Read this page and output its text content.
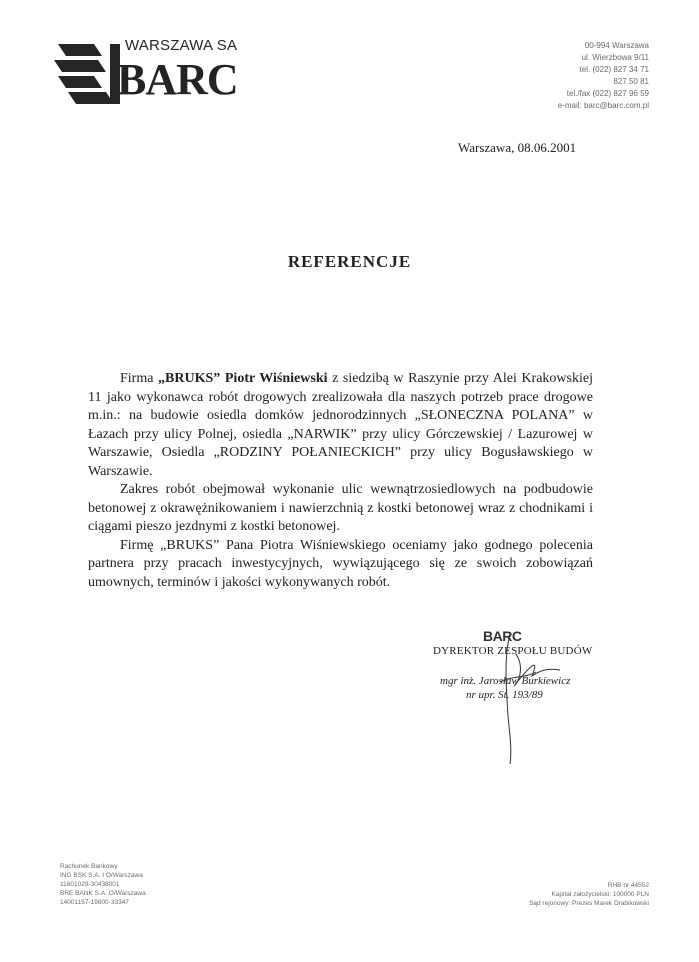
WARSZAWA SA
BARC
00-994 Warszawa
ul. Wierzbowa 9/11
tel. (022) 827 34 71
827 50 81
tel./fax (022) 827 96 59
e-mail: barc@barc.com.pl
Warszawa, 08.06.2001
REFERENCJE

Firma „BRUKS” Piotr Wiśniewski z siedzibą w Raszynie przy Alei Krakowskiej 11 jako wykonawca robót drogowych zrealizowała dla naszych potrzeb prace drogowe m.in.: na budowie osiedla domków jednorodzinnych „SŁONECZNA POLANA” w Łazach przy ulicy Polnej, osiedla „NARWIK” przy ulicy Górczewskiej / Lazurowej w Warszawie, Osiedla „RODZINY POŁANIECKICH” przy ulicy Bogusławskiego w Warszawie.

Zakres robót obejmował wykonanie ulic wewnątrzosiedlowych na podbudowie betonowej z okrawężnikowaniem i nawierzchnią z kostki betonowej wraz z chodnikami i ciągami pieszo jezdnymi z kostki betonowej.

Firmę „BRUKS” Pana Piotra Wiśniewskiego oceniamy jako godnego polecenia partnera przy pracach inwestycyjnych, wywiązującego się ze swoich zobowiązań umownych, terminów i jakości wykonywanych robót.

BARC
DYREKTOR ZESPOŁU BUDÓW
mgr inż. Jarosław Burkiewicz
nr upr. St. 193/89
Rachunek Bankowy
ING BSK S.A. I O/Warszawa
11601029-30438001
BRE BANK S.A. O/Warszawa
14001157-19800-33347
RHB nr 44552
Kapitał założycielski: 100000 PLN
Sąd rejonowy: Prezes Marek Drabikowski
